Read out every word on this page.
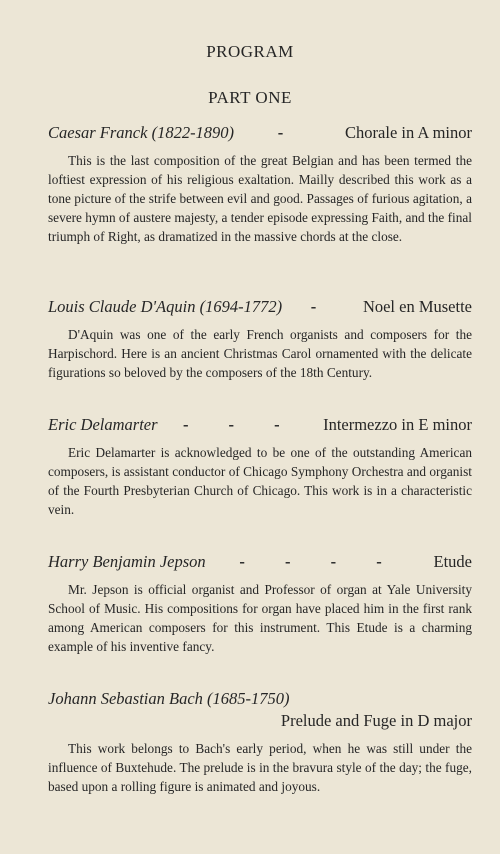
PROGRAM
PART ONE
Caesar Franck (1822-1890)	-	Chorale in A minor
This is the last composition of the great Belgian and has been termed the loftiest expression of his religious exaltation. Mailly described this work as a tone picture of the strife between evil and good. Passages of furious agitation, a severe hymn of austere majesty, a tender episode expressing Faith, and the final triumph of Right, as dramatized in the massive chords at the close.
Louis Claude D'Aquin (1694-1772) - Noel en Musette
D'Aquin was one of the early French organists and composers for the Harpischord. Here is an ancient Christmas Carol ornamented with the delicate figurations so beloved by the composers of the 18th Century.
Eric Delamarter - - - Intermezzo in E minor
Eric Delamarter is acknowledged to be one of the outstanding American composers, is assistant conductor of Chicago Symphony Orchestra and organist of the Fourth Presbyterian Church of Chicago. This work is in a characteristic vein.
Harry Benjamin Jepson - - - - Etude
Mr. Jepson is official organist and Professor of organ at Yale University School of Music. His compositions for organ have placed him in the first rank among American composers for this instrument. This Etude is a charming example of his inventive fancy.
Johann Sebastian Bach (1685-1750)
Prelude and Fuge in D major
This work belongs to Bach's early period, when he was still under the influence of Buxtehude. The prelude is in the bravura style of the day; the fuge, based upon a rolling figure is animated and joyous.
